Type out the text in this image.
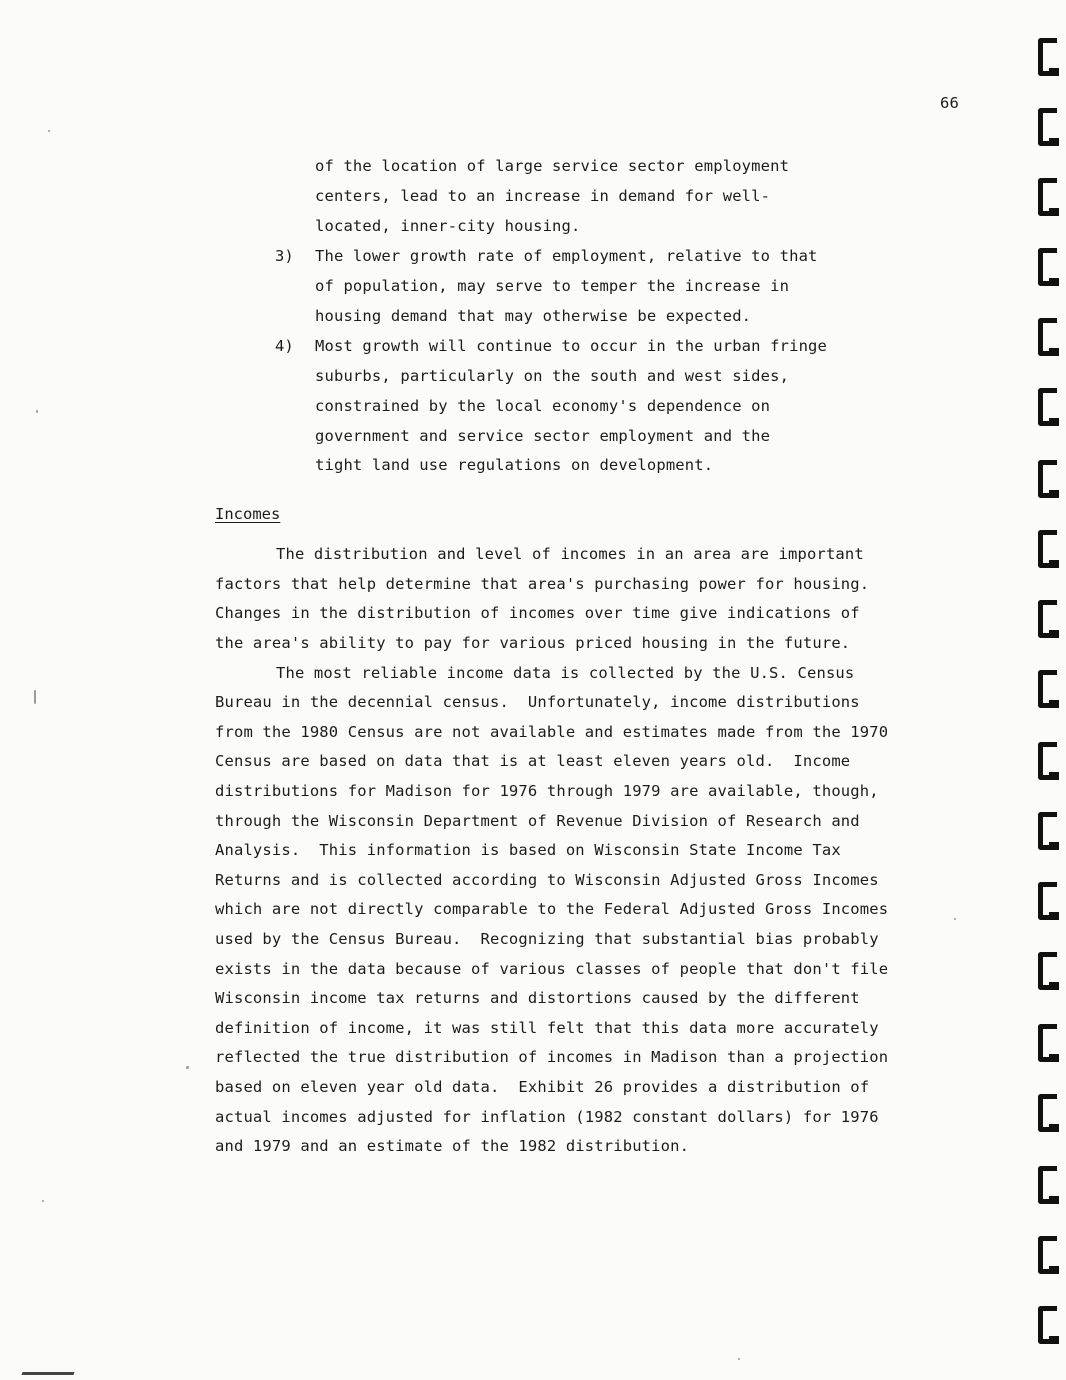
66
of the location of large service sector employment
centers, lead to an increase in demand for well-
located, inner-city housing.
3) The lower growth rate of employment, relative to that
of population, may serve to temper the increase in
housing demand that may otherwise be expected.
4) Most growth will continue to occur in the urban fringe
suburbs, particularly on the south and west sides,
constrained by the local economy's dependence on
government and service sector employment and the
tight land use regulations on development.
Incomes
The distribution and level of incomes in an area are important
factors that help determine that area's purchasing power for housing.
Changes in the distribution of incomes over time give indications of
the area's ability to pay for various priced housing in the future.
The most reliable income data is collected by the U.S. Census
Bureau in the decennial census.  Unfortunately, income distributions
from the 1980 Census are not available and estimates made from the 1970
Census are based on data that is at least eleven years old.  Income
distributions for Madison for 1976 through 1979 are available, though,
through the Wisconsin Department of Revenue Division of Research and
Analysis.  This information is based on Wisconsin State Income Tax
Returns and is collected according to Wisconsin Adjusted Gross Incomes
which are not directly comparable to the Federal Adjusted Gross Incomes
used by the Census Bureau.  Recognizing that substantial bias probably
exists in the data because of various classes of people that don't file
Wisconsin income tax returns and distortions caused by the different
definition of income, it was still felt that this data more accurately
reflected the true distribution of incomes in Madison than a projection
based on eleven year old data.  Exhibit 26 provides a distribution of
actual incomes adjusted for inflation (1982 constant dollars) for 1976
and 1979 and an estimate of the 1982 distribution.
